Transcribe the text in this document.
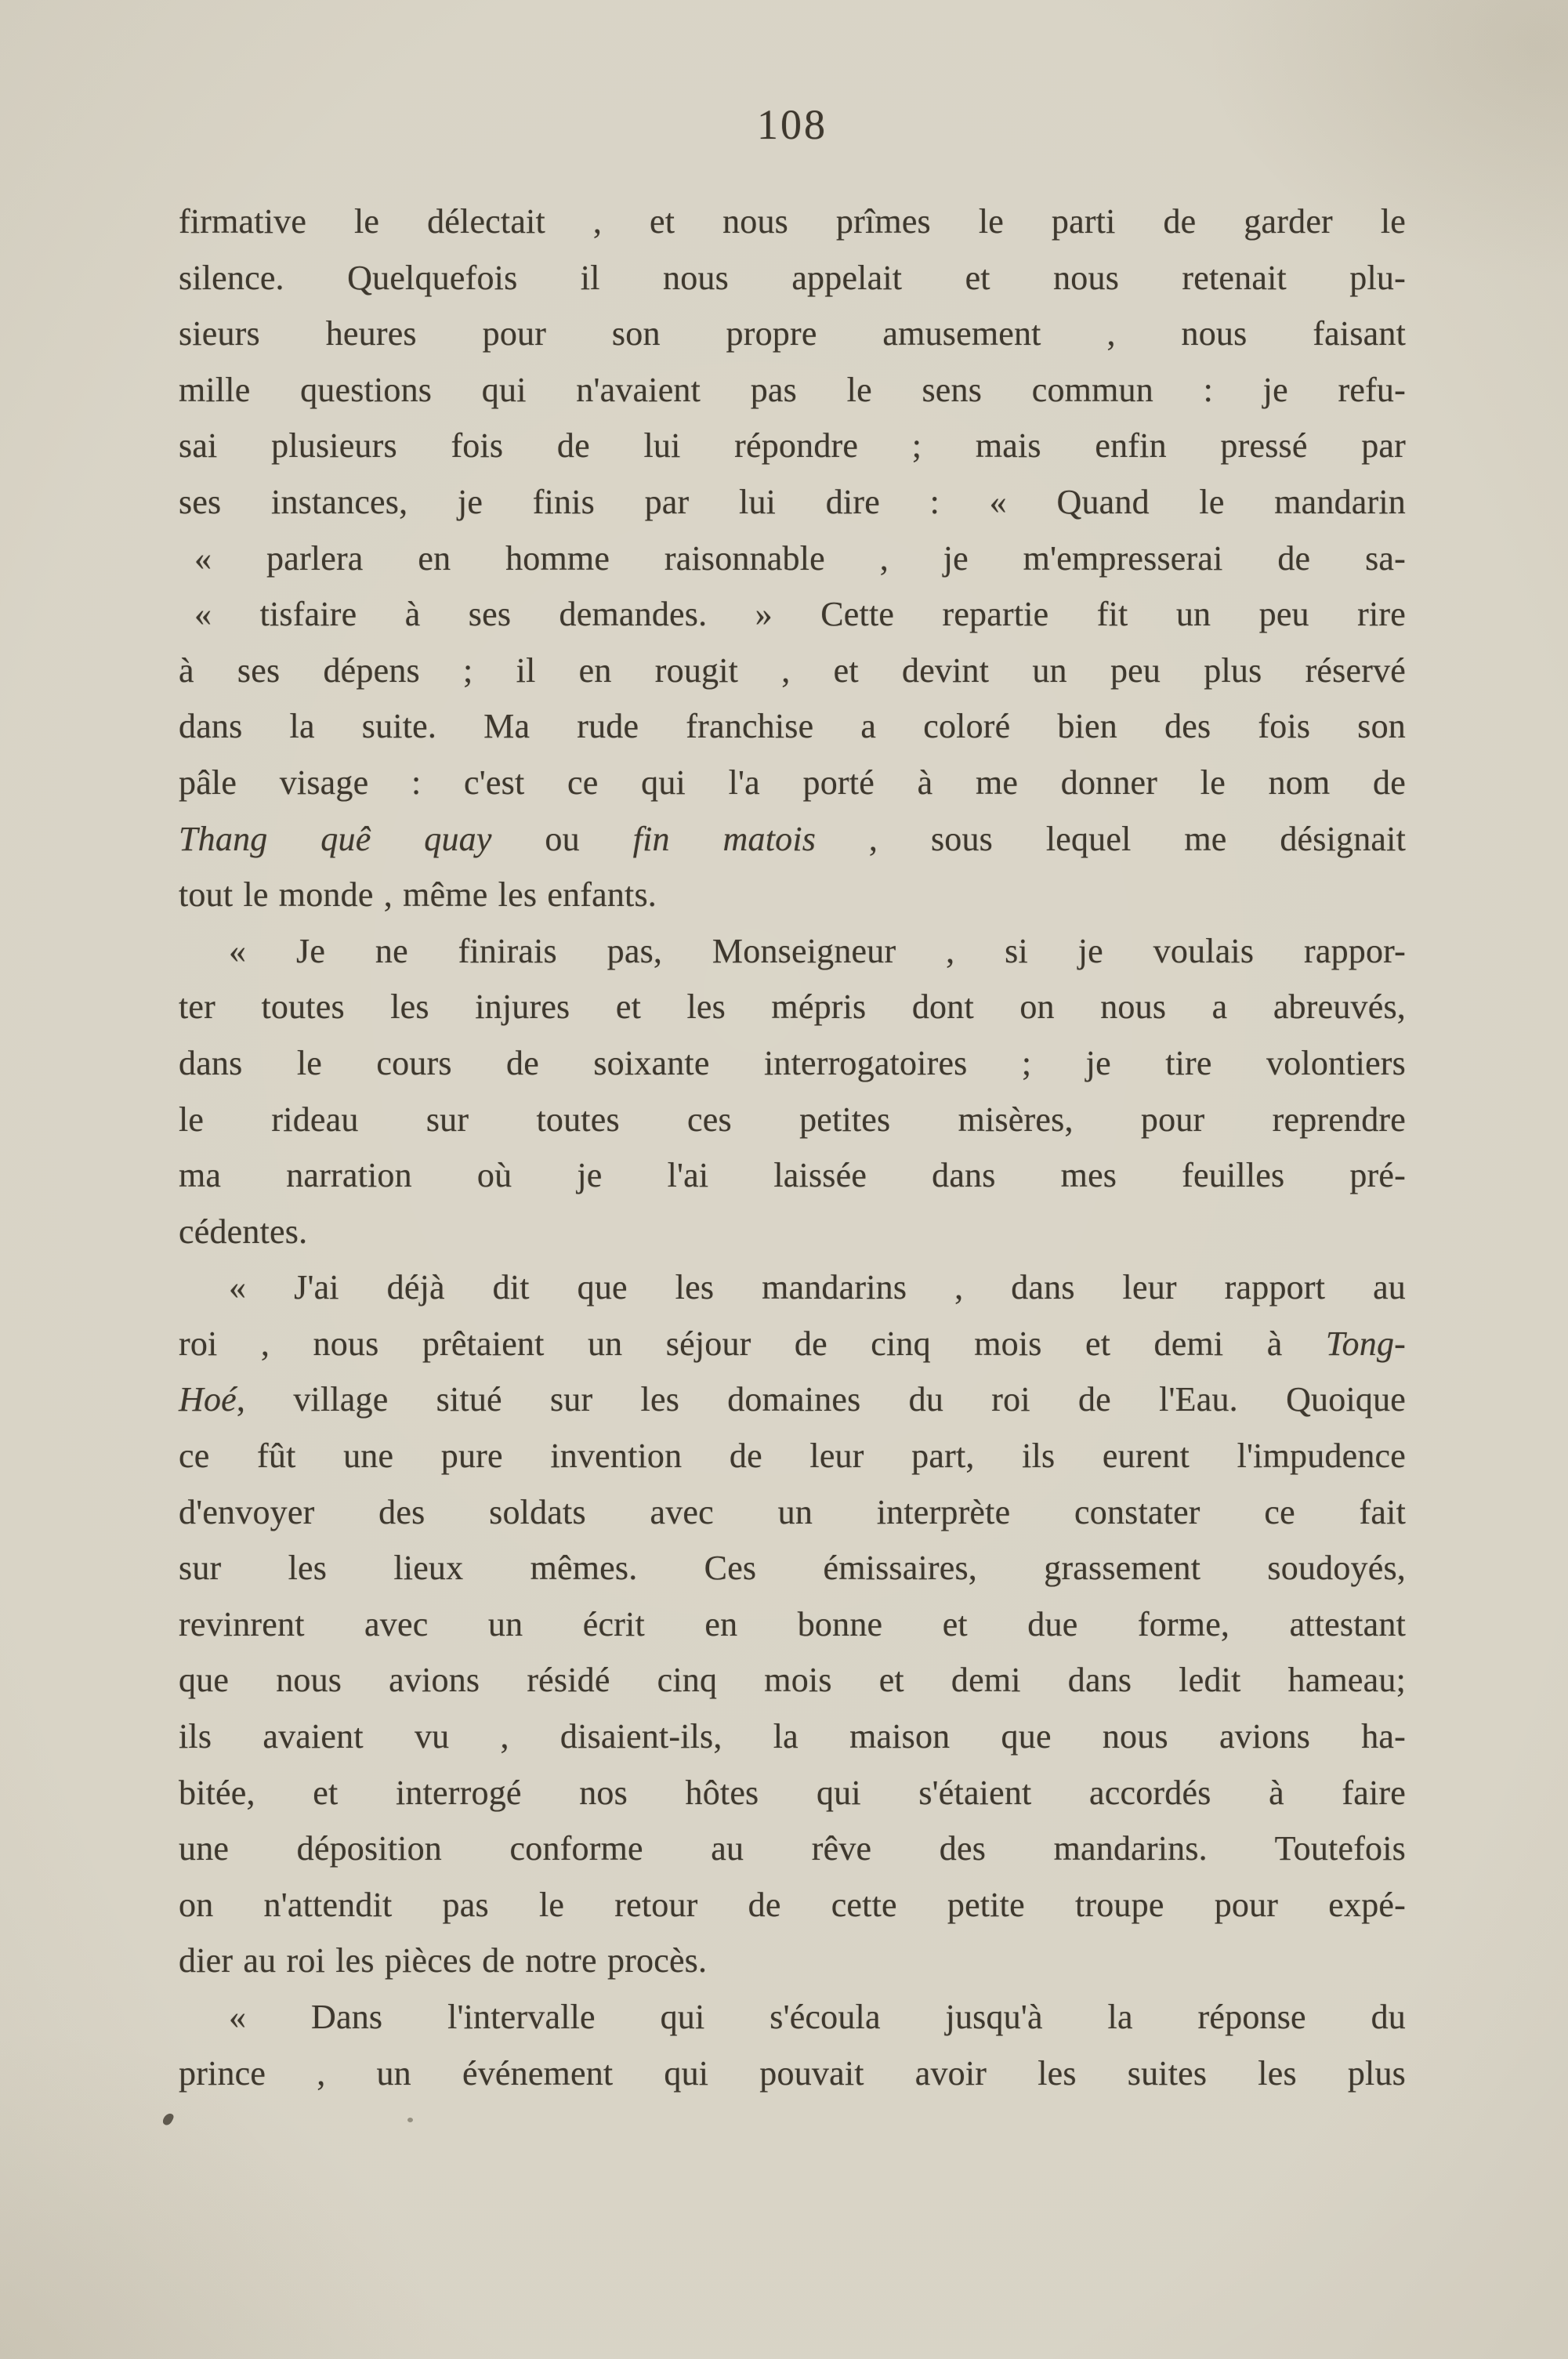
108
firmative le délectait , et nous prîmes le parti de garder le
silence. Quelquefois il nous appelait et nous retenait plu-
sieurs heures pour son propre amusement , nous faisant
mille questions qui n'avaient pas le sens commun : je refu-
sai plusieurs fois de lui répondre ; mais enfin pressé par
ses instances, je finis par lui dire : « Quand le mandarin
« parlera en homme raisonnable , je m'empresserai de sa-
« tisfaire à ses demandes. » Cette repartie fit un peu rire
à ses dépens ; il en rougit , et devint un peu plus réservé
dans la suite. Ma rude franchise a coloré bien des fois son
pâle visage : c'est ce qui l'a porté à me donner le nom de
Thang quê quay ou fin matois , sous lequel me désignait
tout le monde , même les enfants.
« Je ne finirais pas, Monseigneur , si je voulais rappor-
ter toutes les injures et les mépris dont on nous a abreuvés,
dans le cours de soixante interrogatoires ; je tire volontiers
le rideau sur toutes ces petites misères, pour reprendre
ma narration où je l'ai laissée dans mes feuilles pré-
cédentes.
« J'ai déjà dit que les mandarins , dans leur rapport au
roi , nous prêtaient un séjour de cinq mois et demi à Tong-
Hoé, village situé sur les domaines du roi de l'Eau. Quoique
ce fût une pure invention de leur part, ils eurent l'impudence
d'envoyer des soldats avec un interprète constater ce fait
sur les lieux mêmes. Ces émissaires, grassement soudoyés,
revinrent avec un écrit en bonne et due forme, attestant
que nous avions résidé cinq mois et demi dans ledit hameau;
ils avaient vu , disaient-ils, la maison que nous avions ha-
bitée, et interrogé nos hôtes qui s'étaient accordés à faire
une déposition conforme au rêve des mandarins. Toutefois
on n'attendit pas le retour de cette petite troupe pour expé-
dier au roi les pièces de notre procès.
« Dans l'intervalle qui s'écoula jusqu'à la réponse du
prince , un événement qui pouvait avoir les suites les plus
